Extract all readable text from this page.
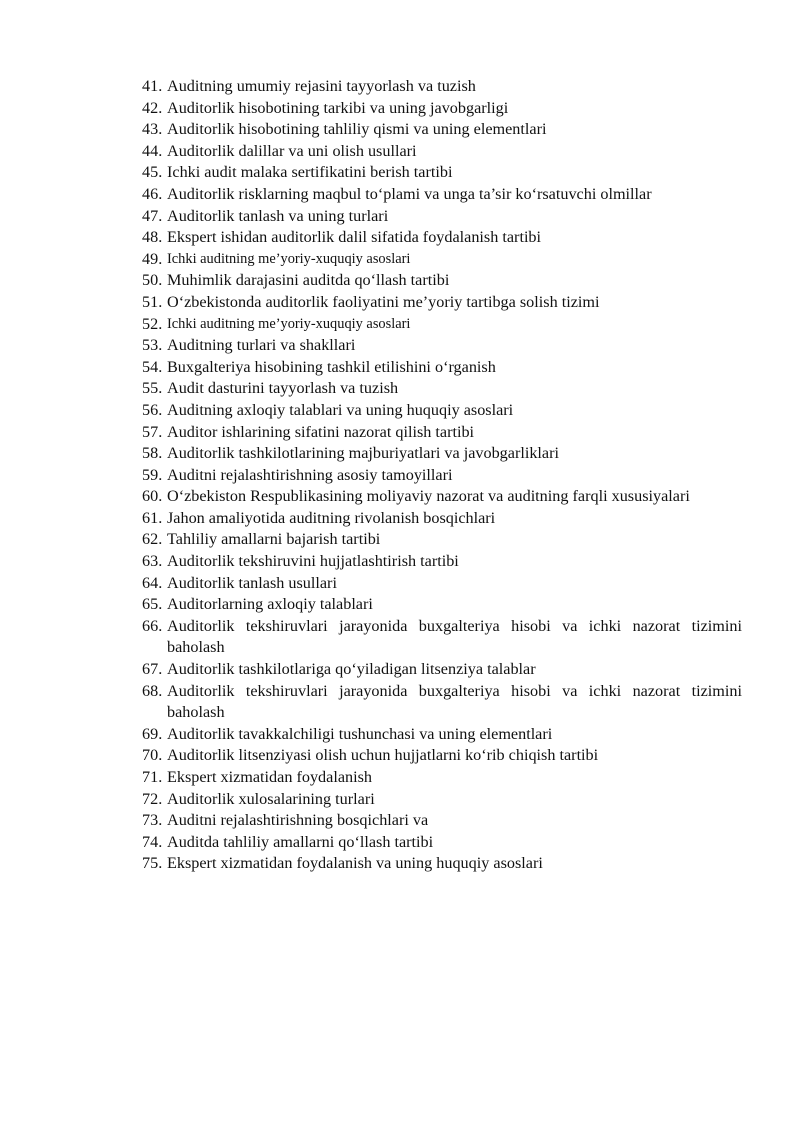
41. Auditning umumiy rejasini tayyorlash va tuzish
42. Auditorlik hisobotining tarkibi va uning javobgarligi
43. Auditorlik hisobotining tahliliy qismi va uning elementlari
44. Auditorlik dalillar va uni olish usullari
45. Ichki audit malaka sertifikatini berish tartibi
46. Auditorlik risklarning maqbul to‘plami va unga ta’sir ko‘rsatuvchi olmillar
47. Auditorlik tanlash va uning turlari
48. Ekspert ishidan auditorlik dalil sifatida foydalanish tartibi
49. Ichki auditning me’yoriy-xuquqiy asoslari
50. Muhimlik darajasini auditda qo‘llash tartibi
51. O‘zbekistonda auditorlik faoliyatini me’yoriy tartibga solish tizimi
52. Ichki auditning me’yoriy-xuquqiy asoslari
53. Auditning turlari va shakllari
54. Buxgalteriya hisobining tashkil etilishini o‘rganish
55. Audit dasturini tayyorlash va tuzish
56. Auditning axloqiy talablari va uning huquqiy asoslari
57. Auditor ishlarining sifatini nazorat qilish tartibi
58. Auditorlik tashkilotlarining majburiyatlari va javobgarliklari
59. Auditni rejalashtirishning asosiy tamoyillari
60. O‘zbekiston Respublikasining moliyaviy nazorat va auditning farqli xususiyalari
61. Jahon amaliyotida auditning rivolanish bosqichlari
62. Tahliliy amallarni bajarish tartibi
63. Auditorlik tekshiruvini hujjatlashtirish tartibi
64. Auditorlik tanlash usullari
65. Auditorlarning axloqiy talablari
66. Auditorlik tekshiruvlari jarayonida buxgalteriya hisobi va ichki nazorat tizimini baholash
67. Auditorlik tashkilotlariga qo‘yiladigan litsenziya talablar
68. Auditorlik tekshiruvlari jarayonida buxgalteriya hisobi va ichki nazorat tizimini baholash
69. Auditorlik tavakkalchiligi tushunchasi va uning elementlari
70. Auditorlik litsenziyasi olish uchun hujjatlarni ko‘rib chiqish tartibi
71. Ekspert xizmatidan foydalanish
72. Auditorlik xulosalarining turlari
73. Auditni rejalashtirishning bosqichlari va
74. Auditda tahliliy amallarni qo‘llash tartibi
75. Ekspert xizmatidan foydalanish va uning huquqiy asoslari
